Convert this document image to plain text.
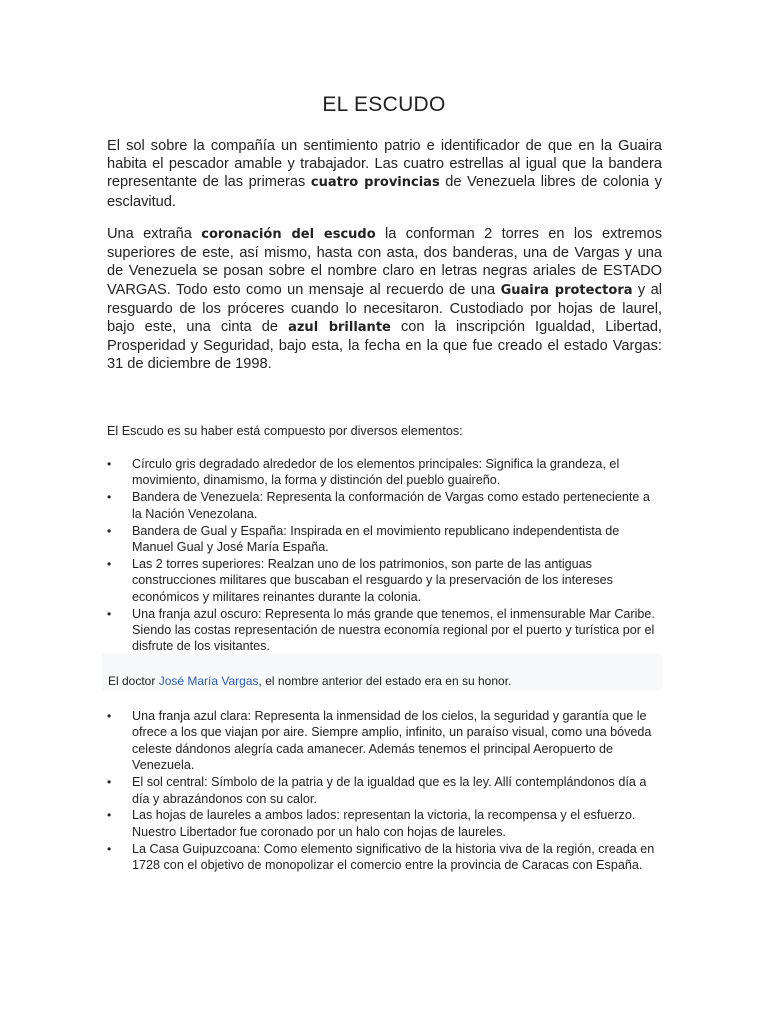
EL ESCUDO

El sol sobre la compañía un sentimiento patrio e identificador de que en la Guaira habita el pescador amable y trabajador. Las cuatro estrellas al igual que la bandera representante de las primeras cuatro provincias de Venezuela libres de colonia y esclavitud.

Una extraña coronación del escudo la conforman 2 torres en los extremos superiores de este, así mismo, hasta con asta, dos banderas, una de Vargas y una de Venezuela se posan sobre el nombre claro en letras negras ariales de ESTADO VARGAS. Todo esto como un mensaje al recuerdo de una Guaira protectora y al resguardo de los próceres cuando lo necesitaron. Custodiado por hojas de laurel, bajo este, una cinta de azul brillante con la inscripción Igualdad, Libertad, Prosperidad y Seguridad, bajo esta, la fecha en la que fue creado el estado Vargas: 31 de diciembre de 1998.

El Escudo es su haber está compuesto por diversos elementos:

•	Círculo gris degradado alrededor de los elementos principales: Significa la grandeza, el movimiento, dinamismo, la forma y distinción del pueblo guaireño.
•	Bandera de Venezuela: Representa la conformación de Vargas como estado perteneciente a la Nación Venezolana.
•	Bandera de Gual y España: Inspirada en el movimiento republicano independentista de Manuel Gual y José María España.
•	Las 2 torres superiores: Realzan uno de los patrimonios, son parte de las antiguas construcciones militares que buscaban el resguardo y la preservación de los intereses económicos y militares reinantes durante la colonia.
•	Una franja azul oscuro: Representa lo más grande que tenemos, el inmensurable Mar Caribe. Siendo las costas representación de nuestra economía regional por el puerto y turística por el disfrute de los visitantes.
El doctor José María Vargas, el nombre anterior del estado era en su honor.
•	Una franja azul clara: Representa la inmensidad de los cielos, la seguridad y garantía que le ofrece a los que viajan por aire. Siempre amplio, infinito, un paraíso visual, como una bóveda celeste dándonos alegría cada amanecer. Además tenemos el principal Aeropuerto de Venezuela.
•	El sol central: Símbolo de la patria y de la igualdad que es la ley. Allí contemplándonos día a día y abrazándonos con su calor.
•	Las hojas de laureles a ambos lados: representan la victoria, la recompensa y el esfuerzo. Nuestro Libertador fue coronado por un halo con hojas de laureles.
•	La Casa Guipuzcoana: Como elemento significativo de la historia viva de la región, creada en 1728 con el objetivo de monopolizar el comercio entre la provincia de Caracas con España.
